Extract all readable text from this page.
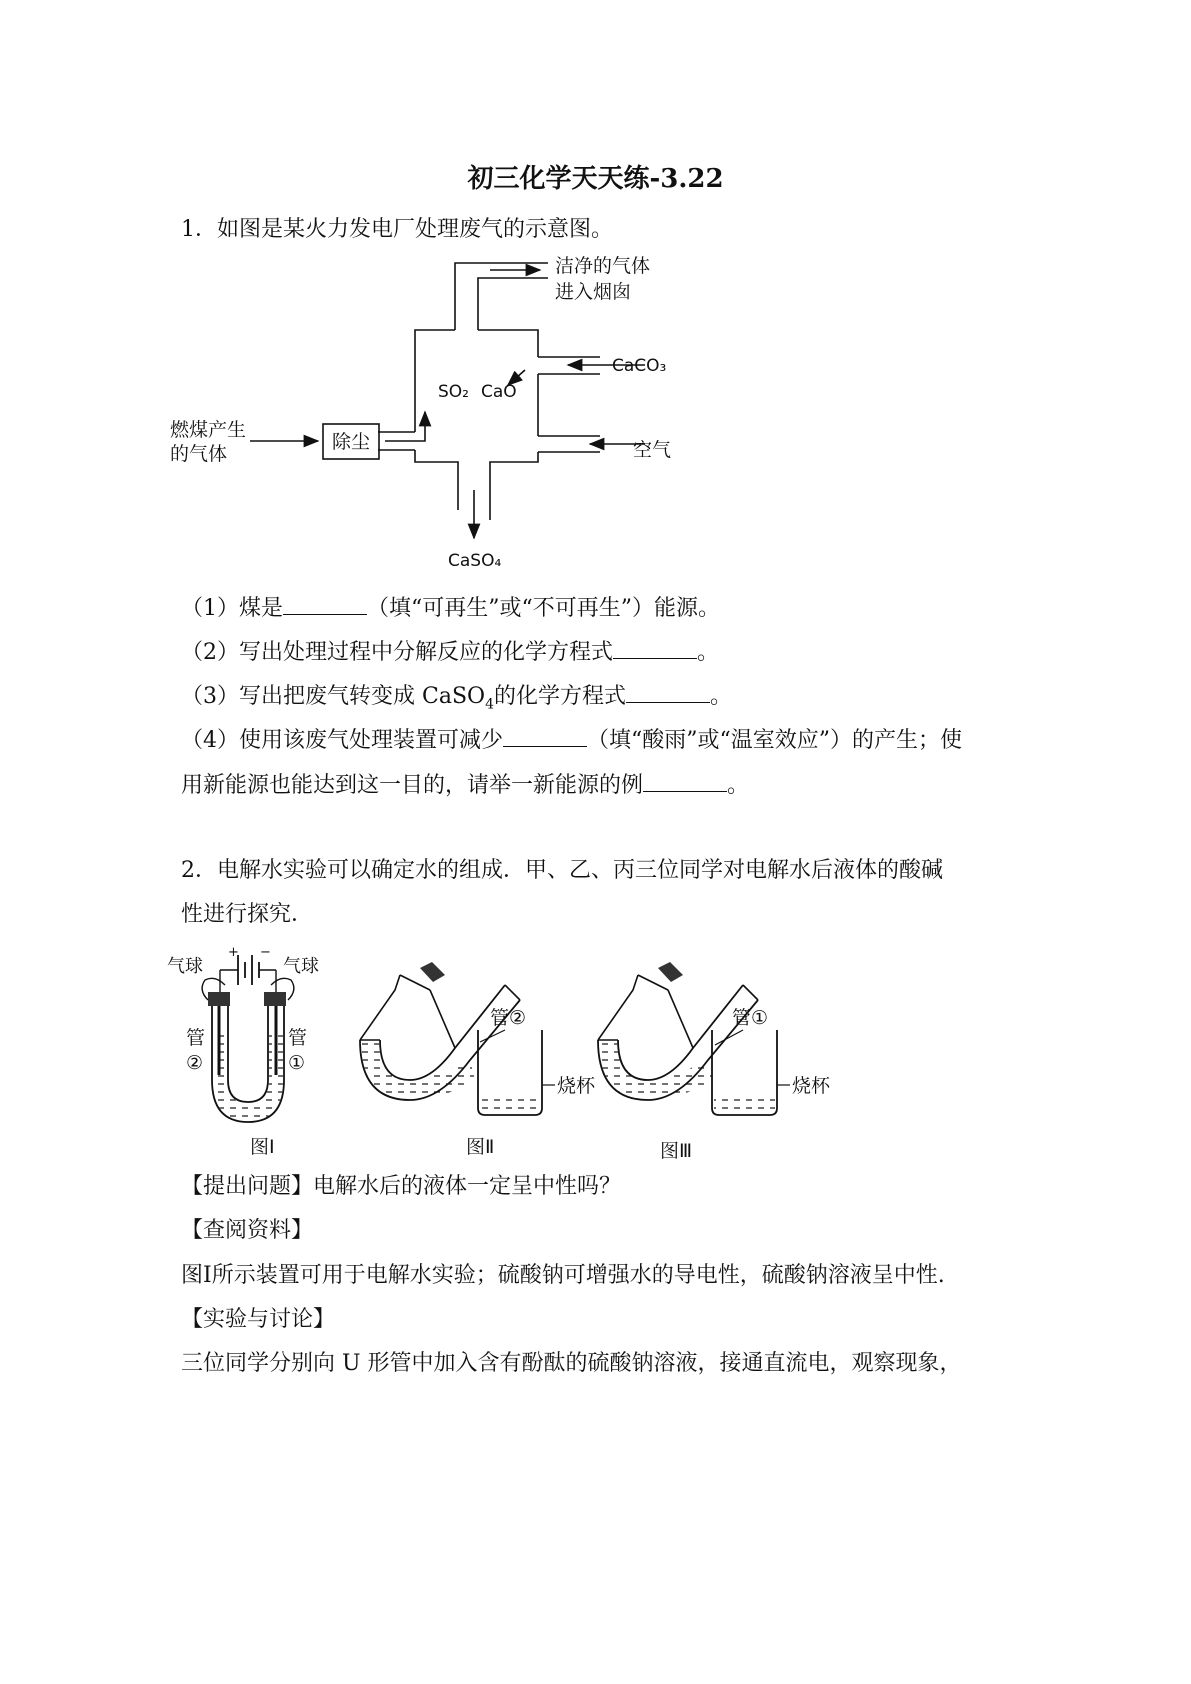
初三化学天天练-3.22
1．如图是某火力发电厂处理废气的示意图。
洁净的气体
进入烟囱
CaCO₃
SO₂ CaO
燃煤产生
的气体
除尘	空气
CaSO₄
（1）煤是	（填“可再生”或“不可再生”）能源。
（2）写出处理过程中分解反应的化学方程式	。
（3）写出把废气转变成 CaSO$_4$的化学方程式	。
（4）使用该废气处理装置可减少	（填“酸雨”或“温室效应”）的产生；使
用新能源也能达到这一目的，请举一新能源的例	。
2．电解水实验可以确定水的组成．甲、乙、丙三位同学对电解水后液体的酸碱
性进行探究．
+ −
气球	气球
管
②
管
①
图Ⅰ
管②
烧杯
图Ⅱ
管①
烧杯
图Ⅲ
【提出问题】电解水后的液体一定呈中性吗？
【查阅资料】
图Ⅰ所示装置可用于电解水实验；硫酸钠可增强水的导电性，硫酸钠溶液呈中性.
【实验与讨论】
三位同学分别向 U 形管中加入含有酚酞的硫酸钠溶液，接通直流电，观察现象，
